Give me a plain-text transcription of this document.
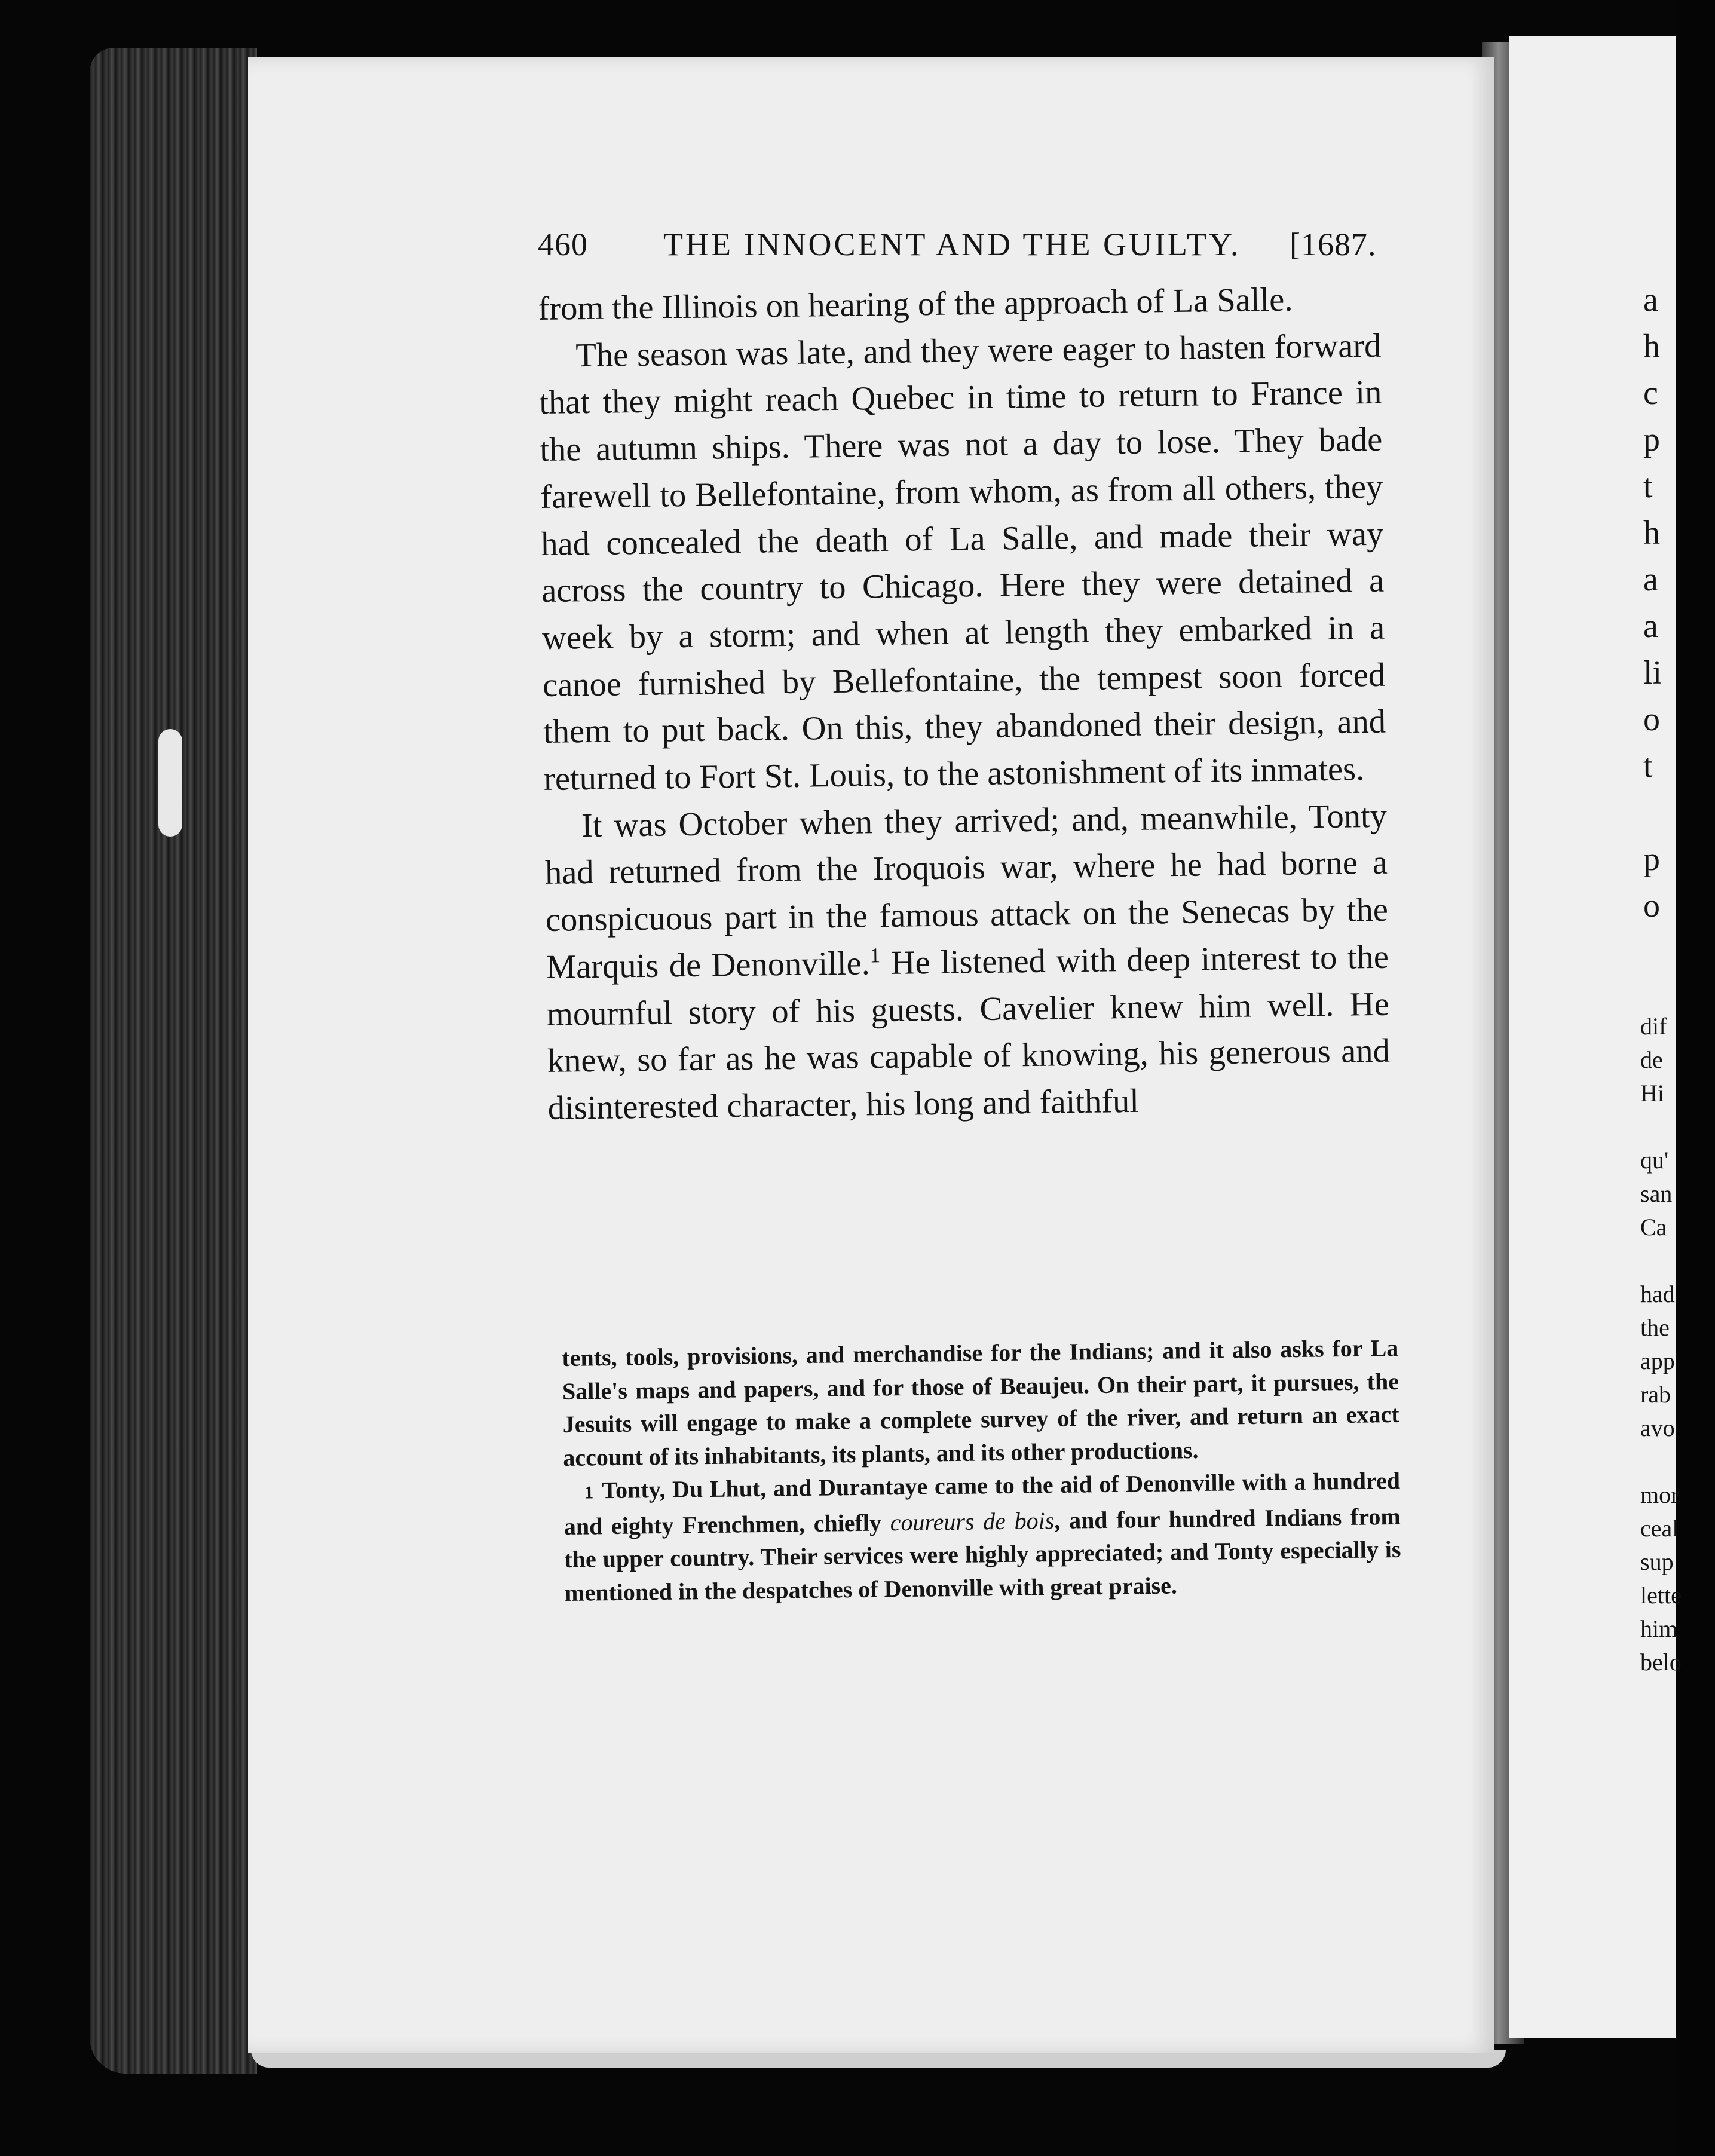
460 THE INNOCENT AND THE GUILTY. [1687.

from the Illinois on hearing of the approach of La Salle.

The season was late, and they were eager to hasten forward that they might reach Quebec in time to return to France in the autumn ships. There was not a day to lose. They bade farewell to Bellefontaine, from whom, as from all others, they had concealed the death of La Salle, and made their way across the country to Chicago. Here they were detained a week by a storm; and when at length they embarked in a canoe furnished by Bellefontaine, the tempest soon forced them to put back. On this, they abandoned their design, and returned to Fort St. Louis, to the astonishment of its inmates.

It was October when they arrived; and, meanwhile, Tonty had returned from the Iroquois war, where he had borne a conspicuous part in the famous attack on the Senecas by the Marquis de Denonville.$^1$ He listened with deep interest to the mournful story of his guests. Cavelier knew him well. He knew, so far as he was capable of knowing, his generous and disinterested character, his long and faithful

tents, tools, provisions, and merchandise for the Indians; and it also asks for La Salle's maps and papers, and for those of Beaujeu. On their part, it pursues, the Jesuits will engage to make a complete survey of the river, and return an exact account of its inhabitants, its plants, and its other productions.

1 Tonty, Du Lhut, and Durantaye came to the aid of Denonville with a hundred and eighty Frenchmen, chiefly coureurs de bois, and four hundred Indians from the upper country. Their services were highly appreciated; and Tonty especially is mentioned in the despatches of Denonville with great praise.

a
h
c
p
t
h
a
a
li
o
t
p
o
dif
de
Hi
qu'
san
Ca
had
the
app
rab
avo
mor
ceal
sup
lette
him
belo
